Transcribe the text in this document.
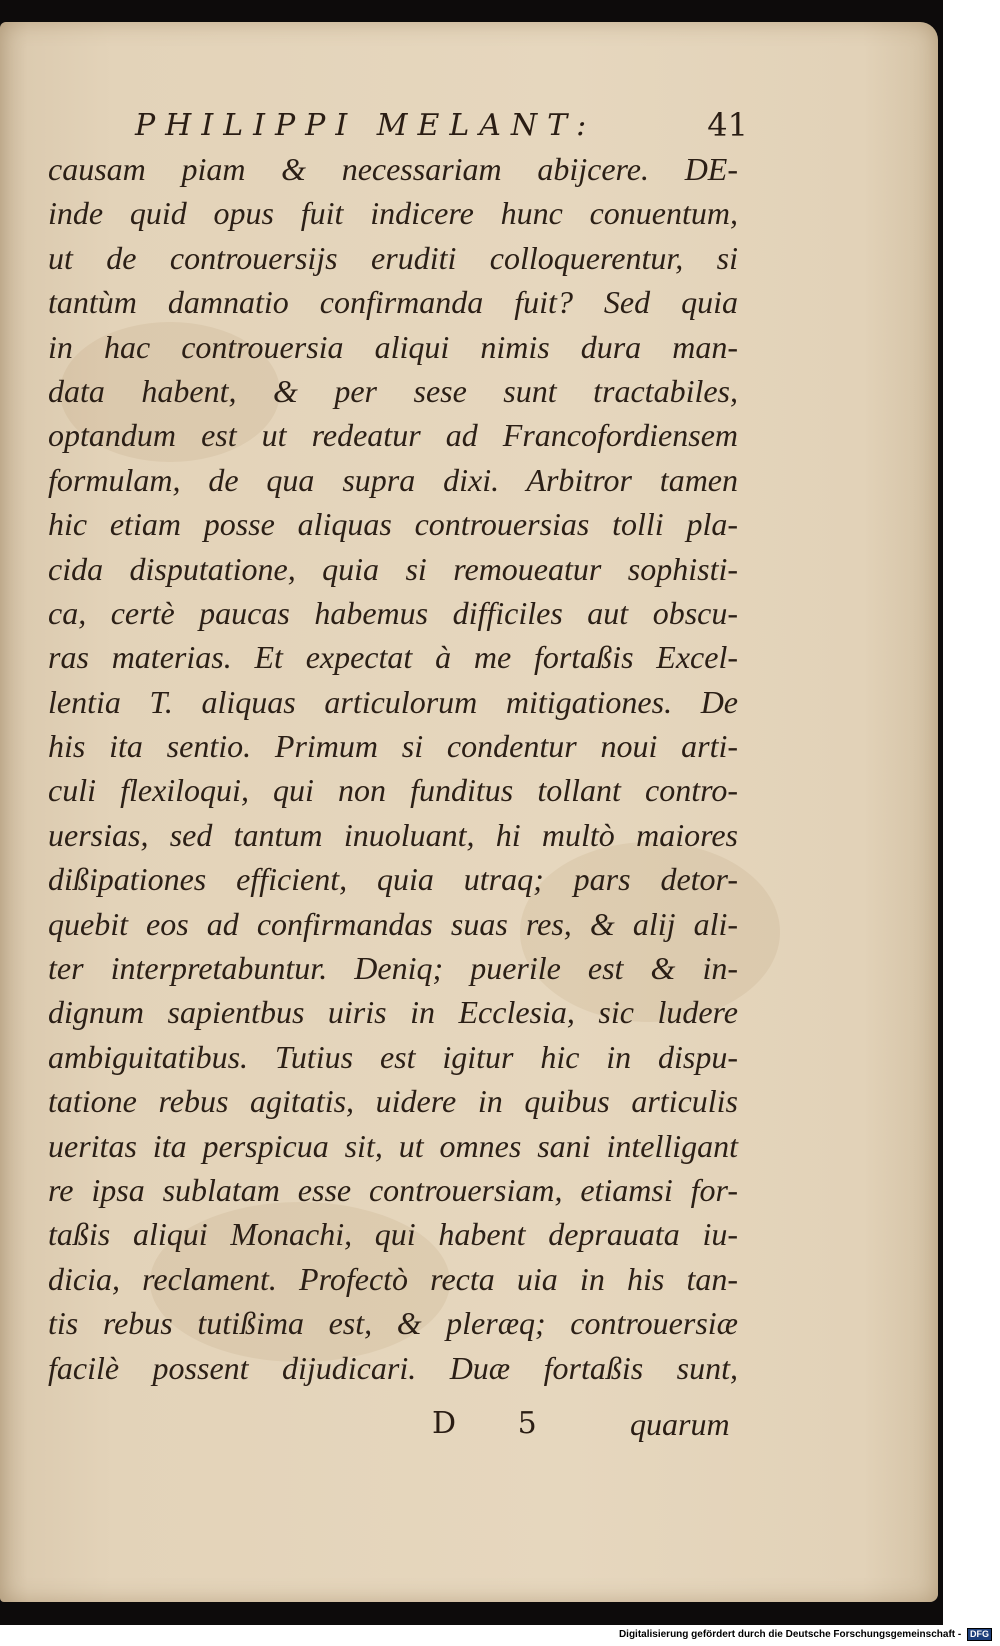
PHILIPPI MELANT:	41
causam piam & necessariam abijcere. DE-
inde quid opus fuit indicere hunc conuentum,
ut de controuersijs eruditi colloquerentur, si
tantùm damnatio confirmanda fuit? Sed quia
in hac controuersia aliqui nimis dura man-
data habent, & per sese sunt tractabiles,
optandum est ut redeatur ad Francofordiensem
formulam, de qua supra dixi. Arbitror tamen
hic etiam posse aliquas controuersias tolli pla-
cida disputatione, quia si remoueatur sophisti-
ca, certè paucas habemus difficiles aut obscu-
ras materias. Et expectat à me fortaßis Excel-
lentia T. aliquas articulorum mitigationes. De
his ita sentio. Primum si condentur noui arti-
culi flexiloqui, qui non funditus tollant contro-
uersias, sed tantum inuoluant, hi multò maiores
dißipationes efficient, quia utraq; pars detor-
quebit eos ad confirmandas suas res, & alij ali-
ter interpretabuntur. Deniq; puerile est & in-
dignum sapientbus uiris in Ecclesia, sic ludere
ambiguitatibus. Tutius est igitur hic in dispu-
tatione rebus agitatis, uidere in quibus articulis
ueritas ita perspicua sit, ut omnes sani intelligant
re ipsa sublatam esse controuersiam, etiamsi for-
taßis aliqui Monachi, qui habent deprauata iu-
dicia, reclament. Profectò recta uia in his tan-
tis rebus tutißima est, & pleræq; controuersiæ
facilè possent dijudicari. Duæ fortaßis sunt,
D 5 quarum
Digitalisierung gefördert durch die Deutsche Forschungsgemeinschaft - DFG
